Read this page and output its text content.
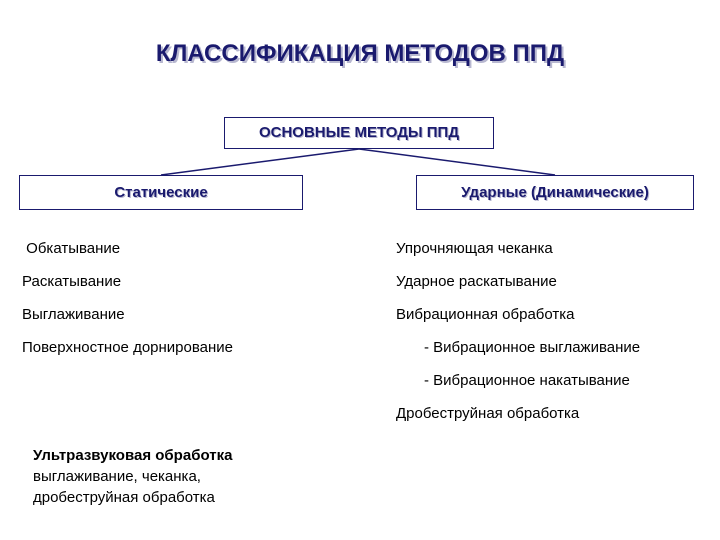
КЛАССИФИКАЦИЯ МЕТОДОВ ППД
ОСНОВНЫЕ МЕТОДЫ ППД
Статические	Ударные (Динамические)
Обкатывание
Раскатывание
Выглаживание
Поверхностное дорнирование
Упрочняющая чеканка
Ударное раскатывание
Вибрационная обработка
- Вибрационное выглаживание
- Вибрационное накатывание
Дробеструйная обработка
Ультразвуковая обработка
выглаживание, чеканка,
дробеструйная обработка
